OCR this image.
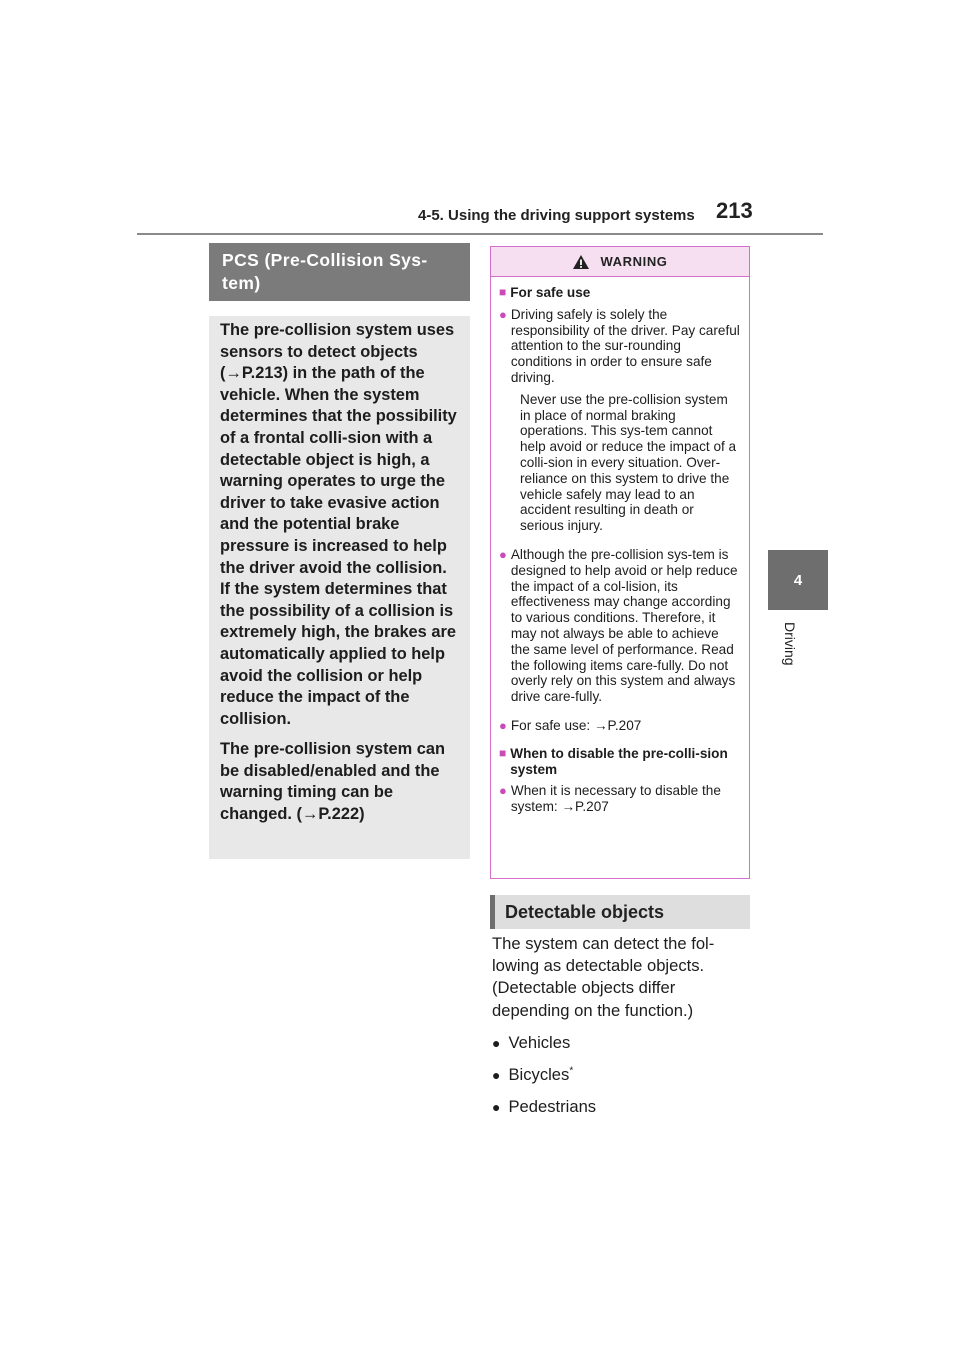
4-5. Using the driving support systems 213
4
Driving
PCS (Pre-Collision Sys-tem)

The pre-collision system uses sensors to detect objects (→P.213) in the path of the vehicle. When the system determines that the possibility of a frontal colli-sion with a detectable object is high, a warning operates to urge the driver to take evasive action and the potential brake pressure is increased to help the driver avoid the collision. If the system determines that the possibility of a collision is extremely high, the brakes are automatically applied to help avoid the collision or help reduce the impact of the collision.

The pre-collision system can be disabled/enabled and the warning timing can be changed. (→P.222)

WARNING
■ For safe use
● Driving safely is solely the responsibility of the driver. Pay careful attention to the sur-rounding conditions in order to ensure safe driving.
Never use the pre-collision system in place of normal braking operations. This sys-tem cannot help avoid or reduce the impact of a colli-sion in every situation. Over-reliance on this system to drive the vehicle safely may lead to an accident resulting in death or serious injury.
● Although the pre-collision sys-tem is designed to help avoid or help reduce the impact of a col-lision, its effectiveness may change according to various conditions. Therefore, it may not always be able to achieve the same level of performance. Read the following items care-fully. Do not overly rely on this system and always drive care-fully.
● For safe use: →P.207
■ When to disable the pre-colli-sion system
● When it is necessary to disable the system: →P.207
Detectable objects
The system can detect the fol-lowing as detectable objects. (Detectable objects differ depending on the function.)
● Vehicles
● Bicycles*
● Pedestrians
